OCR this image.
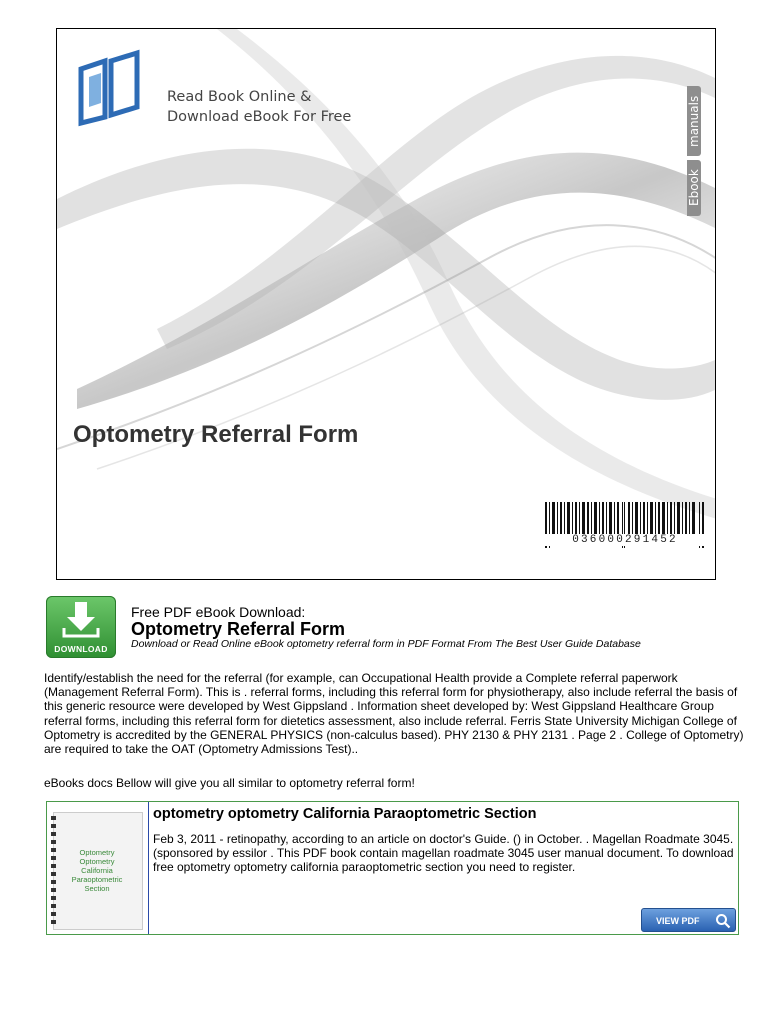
Read Book Online &
Download eBook For Free	manuals
Ebook
Optometry Referral Form
036000291452
DOWNLOAD
Free PDF eBook Download:
Optometry Referral Form
Download or Read Online eBook optometry referral form in PDF Format From The Best User Guide Database
Identify/establish the need for the referral (for example, can Occupational Health provide a Complete referral paperwork (Management Referral Form). This is . referral forms, including this referral form for physiotherapy, also include referral the basis of this generic resource were developed by West Gippsland . Information sheet developed by: West Gippsland Healthcare Group referral forms, including this referral form for dietetics assessment, also include referral. Ferris State University Michigan College of Optometry is accredited by the GENERAL PHYSICS (non-calculus based). PHY 2130 & PHY 2131 . Page 2 . College of Optometry) are required to take the OAT (Optometry Admissions Test)..
eBooks docs Bellow will give you all similar to optometry referral form!
Optometry
Optometry
California
Paraoptometric
Section
optometry optometry California Paraoptometric Section
Feb 3, 2011 - retinopathy, according to an article on doctor's Guide. () in October. . Magellan Roadmate 3045. (sponsored by essilor . This PDF book contain magellan roadmate 3045 user manual document. To download free optometry optometry california paraoptometric section you need to register.
VIEW PDF
